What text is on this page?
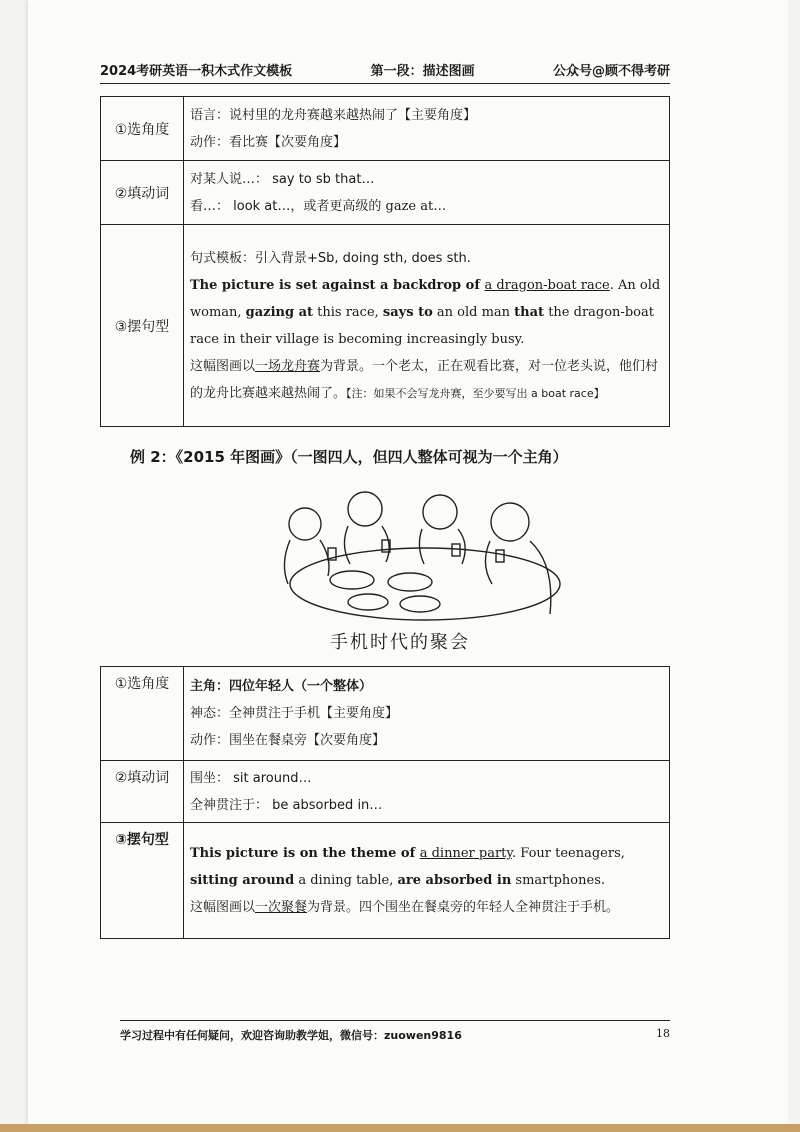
2024考研英语一积木式作文模板	第一段：描述图画	公众号@顾不得考研
①选角度	语言：说村里的龙舟赛越来越热闹了【主要角度】
动作：看比赛【次要角度】

②填动词	对某人说…： say to sb that…
看…： look at…，或者更高级的 gaze at…

③摆句型	句式模板：引入背景+Sb, doing sth, does sth.
The picture is set against a backdrop of a dragon-boat race. An old woman, gazing at this race, says to an old man that the dragon-boat race in their village is becoming increasingly busy.
这幅图画以一场龙舟赛为背景。一个老太，正在观看比赛，对一位老头说，他们村的龙舟比赛越来越热闹了。【注：如果不会写龙舟赛，至少要写出 a boat race】
例 2：《2015 年图画》（一图四人，但四人整体可视为一个主角）
手机时代的聚会
①选角度	主角：四位年轻人（一个整体）
神态：全神贯注于手机【主要角度】
动作：围坐在餐桌旁【次要角度】

②填动词	围坐： sit around…
全神贯注于： be absorbed in…

③摆句型	This picture is on the theme of a dinner party. Four teenagers, sitting around a dining table, are absorbed in smartphones.
这幅图画以一次聚餐为背景。四个围坐在餐桌旁的年轻人全神贯注于手机。
学习过程中有任何疑问，欢迎咨询助教学姐，微信号：zuowen9816	18
